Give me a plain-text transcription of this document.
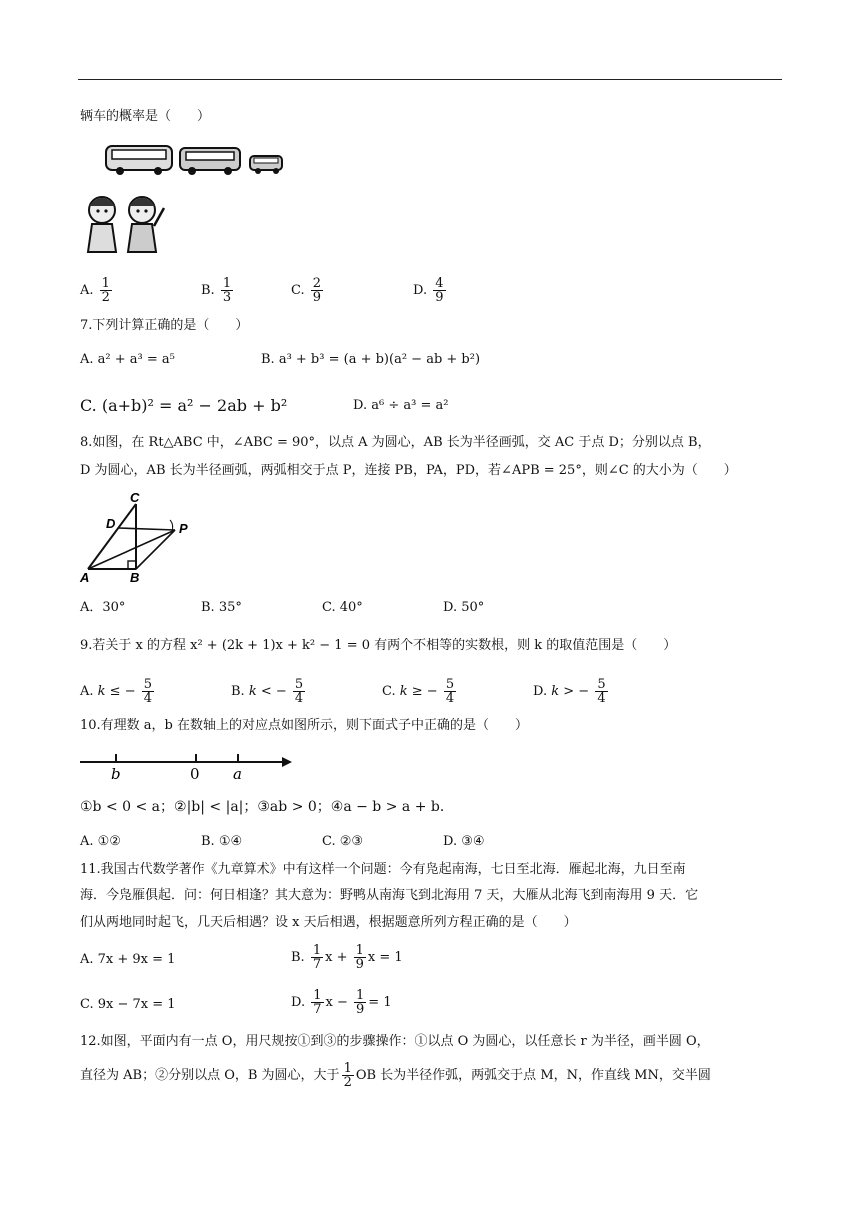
辆车的概率是（　　）
A. $\frac{1}{2}$	B. $\frac{1}{3}$	C. $\frac{2}{9}$	D. $\frac{4}{9}$
7.下列计算正确的是（　　）
A. a² + a³ = a⁵	B. a³ + b³ = (a + b)(a² − ab + b²)
C. (a+b)² = a² − 2ab + b²	D. a⁶ ÷ a³ = a²
8.如图，在 Rt△ABC 中，∠ABC = 90°，以点 A 为圆心，AB 长为半径画弧，交 AC 于点 D；分别以点 B，
D 为圆心，AB 长为半径画弧，两弧相交于点 P，连接 PB，PA，PD，若∠APB = 25°，则∠C 的大小为（　　）
C
D	P
A	B
A．30°	B. 35°	C. 40°	D. 50°
9.若关于 x 的方程 x² + (2k + 1)x + k² − 1 = 0 有两个不相等的实数根，则 k 的取值范围是（　　）
A. k ≤ − $\frac{5}{4}$	B. k < − $\frac{5}{4}$	C. k ≥ − $\frac{5}{4}$	D. k > − $\frac{5}{4}$
10.有理数 a，b 在数轴上的对应点如图所示，则下面式子中正确的是（　　）
b	0 a
①b < 0 < a；②|b| < |a|；③ab > 0；④a − b > a + b．
A. ①②	B. ①④	C. ②③	D. ③④
11.我国古代数学著作《九章算术》中有这样一个问题：今有凫起南海，七日至北海．雁起北海，九日至南
海．今凫雁俱起．问：何日相逢？其大意为：野鸭从南海飞到北海用 7 天，大雁从北海飞到南海用 9 天．它
们从两地同时起飞，几天后相遇？设 x 天后相遇，根据题意所列方程正确的是（　　）
A. 7x + 9x = 1	B. $\frac{1}{7}$ $x + \frac{1}{9}$ x = 1
C. 9x − 7x = 1	D. $\frac{1}{7}$ $x - \frac{1}{9} = 1$
12.如图，平面内有一点 O，用尺规按①到③的步骤操作：①以点 O 为圆心，以任意长 r 为半径，画半圆 O，
直径为 AB；②分别以点 O，B 为圆心，大于 $\frac{1}{2}$ OB 长为半径作弧，两弧交于点 M，N，作直线 MN，交半圆
